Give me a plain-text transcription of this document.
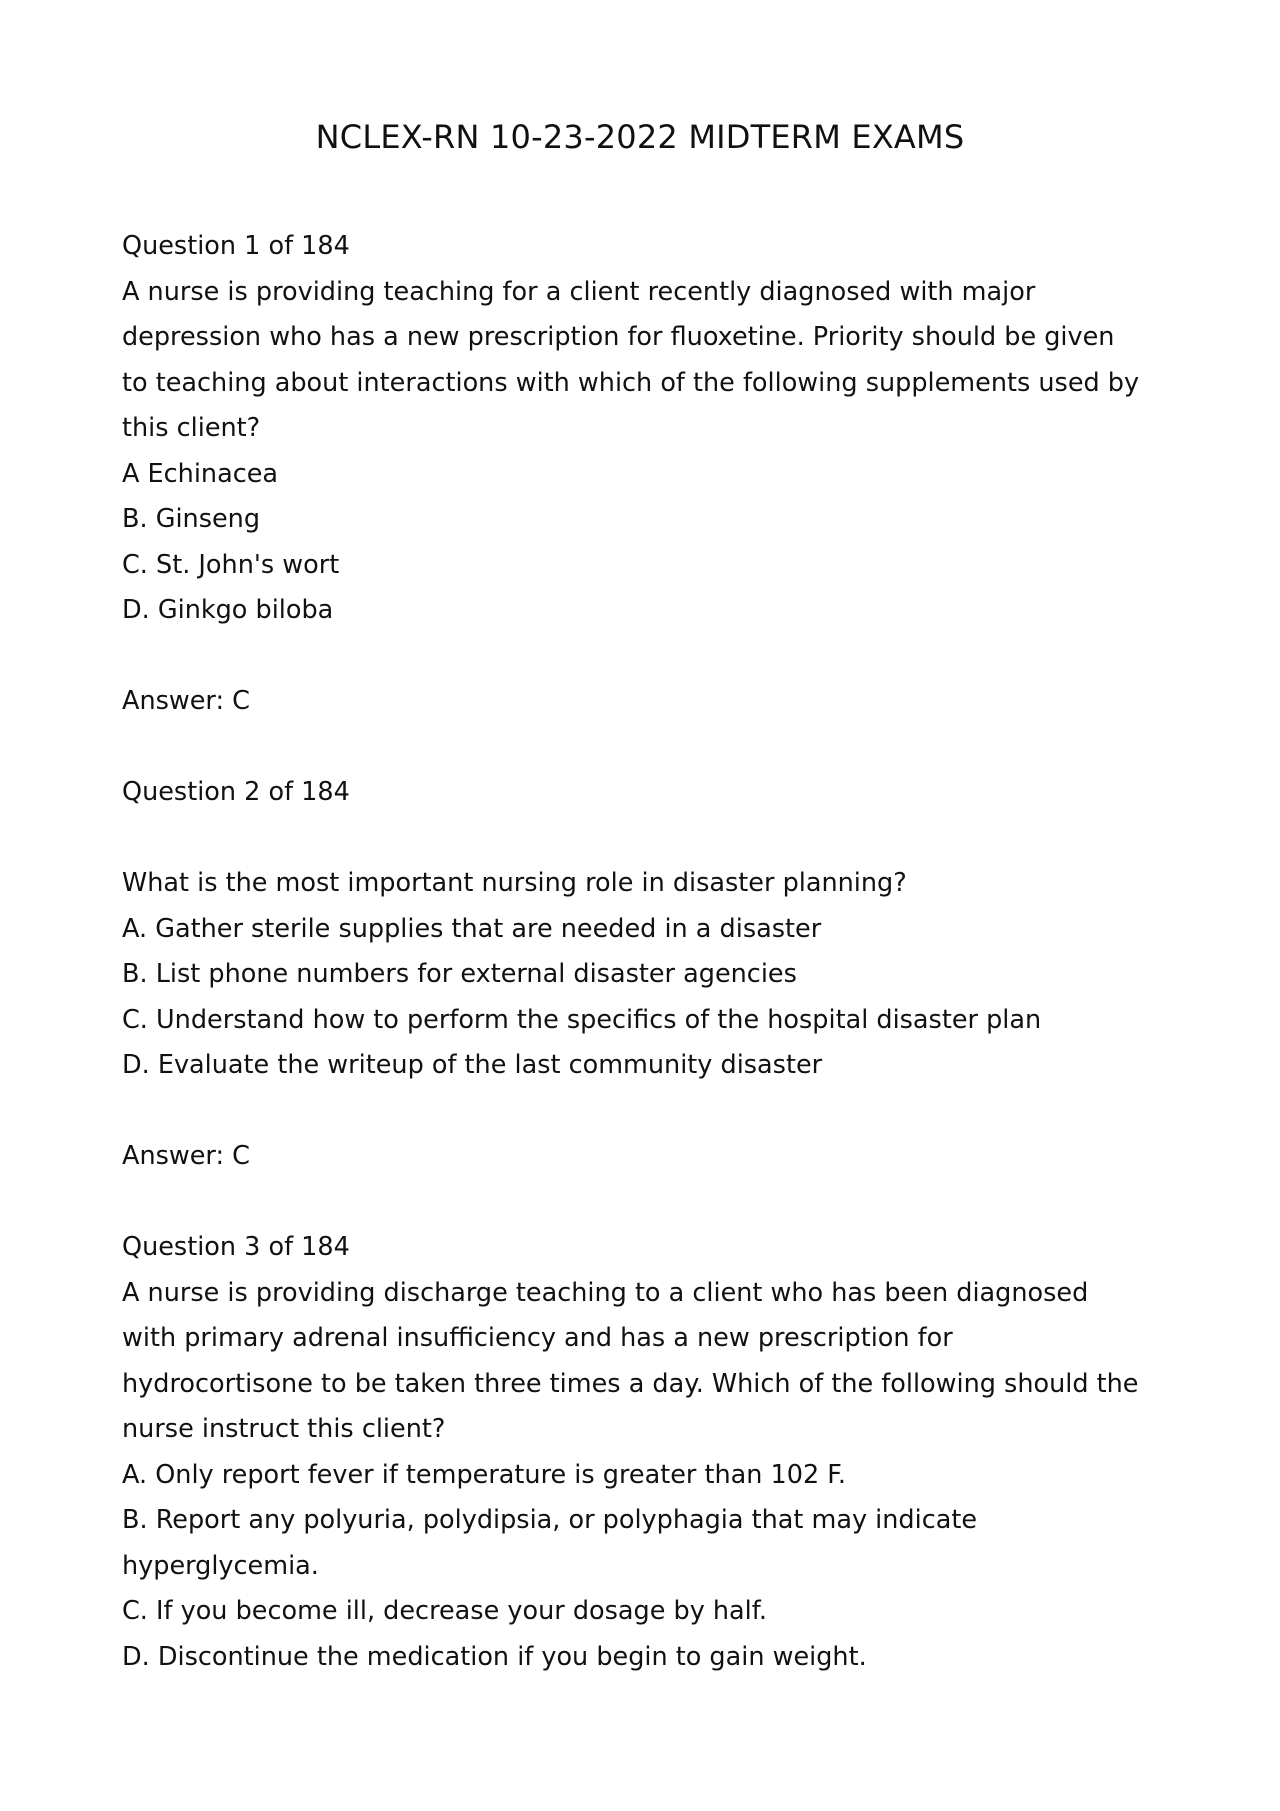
NCLEX-RN 10-23-2022 MIDTERM EXAMS
Question 1 of 184
A nurse is providing teaching for a client recently diagnosed with major
depression who has a new prescription for fluoxetine. Priority should be given
to teaching about interactions with which of the following supplements used by
this client?
A Echinacea
B. Ginseng
C. St. John's wort
D. Ginkgo biloba
Answer: C
Question 2 of 184
What is the most important nursing role in disaster planning?
A. Gather sterile supplies that are needed in a disaster
B. List phone numbers for external disaster agencies
C. Understand how to perform the specifics of the hospital disaster plan
D. Evaluate the writeup of the last community disaster
Answer: C
Question 3 of 184
A nurse is providing discharge teaching to a client who has been diagnosed
with primary adrenal insufficiency and has a new prescription for
hydrocortisone to be taken three times a day. Which of the following should the
nurse instruct this client?
A. Only report fever if temperature is greater than 102 F.
B. Report any polyuria, polydipsia, or polyphagia that may indicate
hyperglycemia.
C. If you become ill, decrease your dosage by half.
D. Discontinue the medication if you begin to gain weight.
